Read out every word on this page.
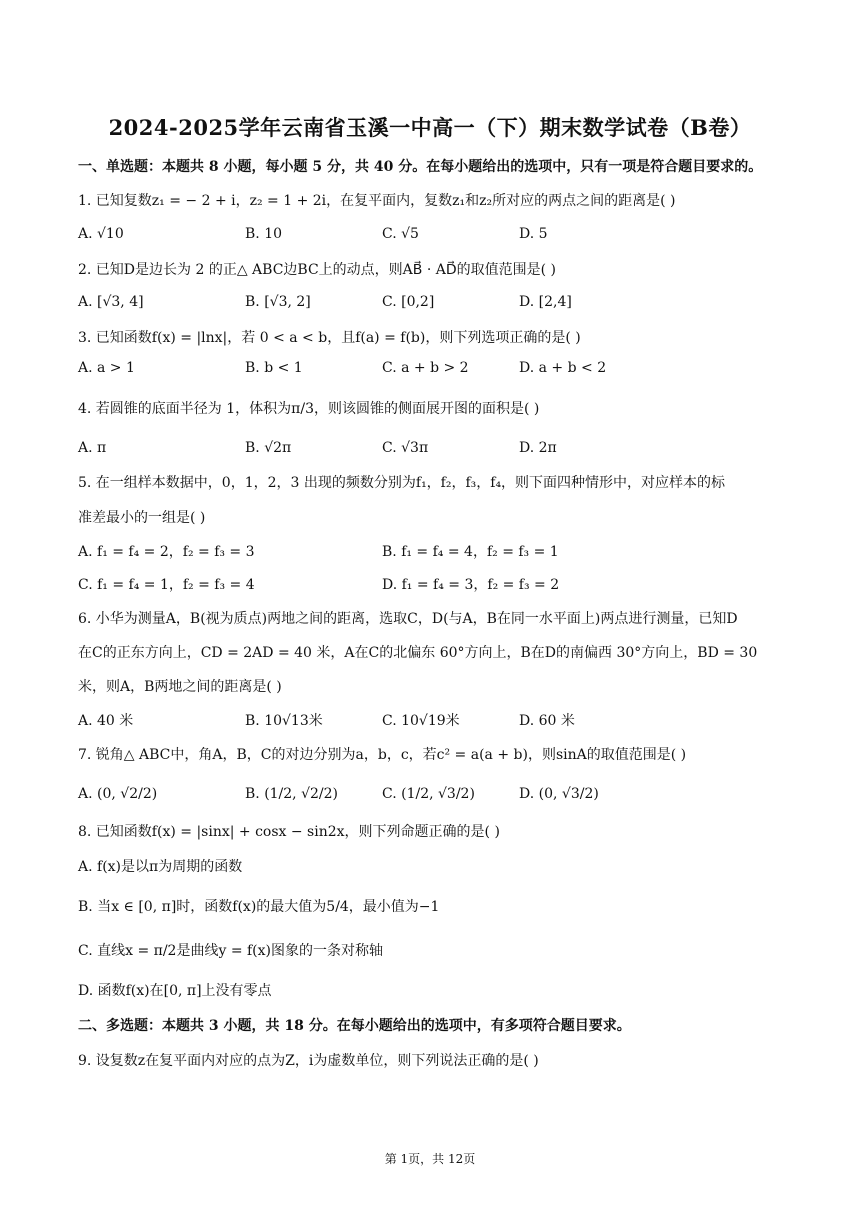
2024-2025学年云南省玉溪一中高一（下）期末数学试卷（B卷）
一、单选题：本题共 8 小题，每小题 5 分，共 40 分。在每小题给出的选项中，只有一项是符合题目要求的。
1. 已知复数z₁ = − 2 + i，z₂ = 1 + 2i，在复平面内，复数z₁和z₂所对应的两点之间的距离是( )
A. √10	B. 10	C. √5	D. 5
2. 已知D是边长为 2 的正△ ABC边BC上的动点，则AB⃗ · AD⃗的取值范围是( )
A. [√3, 4]	B. [√3, 2]	C. [0,2]	D. [2,4]
3. 已知函数f(x) = |lnx|，若 0 < a < b，且f(a) = f(b)，则下列选项正确的是( )
A. a > 1	B. b < 1	C. a + b > 2	D. a + b < 2
4. 若圆锥的底面半径为 1，体积为π/3，则该圆锥的侧面展开图的面积是( )
A. π	B. √2π	C. √3π	D. 2π
5. 在一组样本数据中，0，1，2，3 出现的频数分别为f₁，f₂，f₃，f₄，则下面四种情形中，对应样本的标
准差最小的一组是( )
A. f₁ = f₄ = 2，f₂ = f₃ = 3	B. f₁ = f₄ = 4，f₂ = f₃ = 1
C. f₁ = f₄ = 1，f₂ = f₃ = 4	D. f₁ = f₄ = 3，f₂ = f₃ = 2
6. 小华为测量A，B(视为质点)两地之间的距离，选取C，D(与A，B在同一水平面上)两点进行测量，已知D
在C的正东方向上，CD = 2AD = 40 米，A在C的北偏东 60°方向上，B在D的南偏西 30°方向上，BD = 30
米，则A，B两地之间的距离是( )
A. 40 米	B. 10√13米	C. 10√19米	D. 60 米
7. 锐角△ ABC中，角A，B，C的对边分别为a，b，c，若c² = a(a + b)，则sinA的取值范围是( )
A. (0, √2/2)	B. (1/2, √2/2)	C. (1/2, √3/2)	D. (0, √3/2)
8. 已知函数f(x) = |sinx| + cosx − sin2x，则下列命题正确的是( )
A. f(x)是以π为周期的函数
B. 当x ∈ [0, π]时，函数f(x)的最大值为5/4，最小值为−1
C. 直线x = π/2是曲线y = f(x)图象的一条对称轴
D. 函数f(x)在[0, π]上没有零点
二、多选题：本题共 3 小题，共 18 分。在每小题给出的选项中，有多项符合题目要求。
9. 设复数z在复平面内对应的点为Z，i为虚数单位，则下列说法正确的是( )
第 1页，共 12页
